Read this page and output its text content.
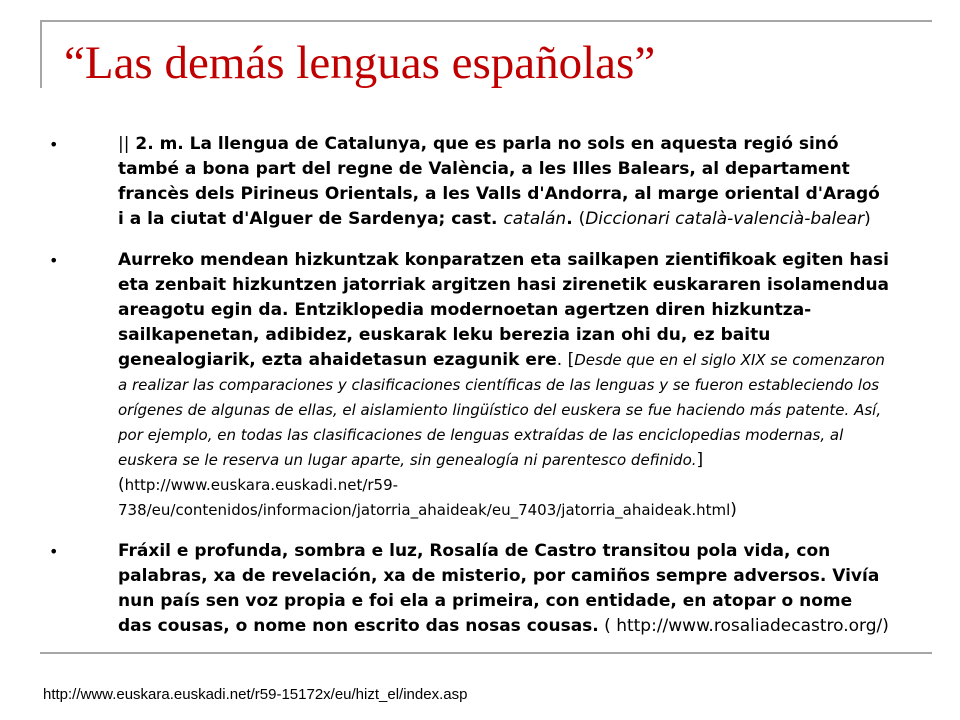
“Las demás lenguas españolas”
•	|| 2. m. La llengua de Catalunya, que es parla no sols en aquesta regió sinó també a bona part del regne de València, a les Illes Balears, al departament francès dels Pirineus Orientals, a les Valls d'Andorra, al marge oriental d'Aragó i a la ciutat d'Alguer de Sardenya; cast. catalán. (Diccionari català-valencià-balear)
•	Aurreko mendean hizkuntzak konparatzen eta sailkapen zientifikoak egiten hasi eta zenbait hizkuntzen jatorriak argitzen hasi zirenetik euskararen isolamendua areagotu egin da. Entziklopedia modernoetan agertzen diren hizkuntza-sailkapenetan, adibidez, euskarak leku berezia izan ohi du, ez baitu genealogiarik, ezta ahaidetasun ezagunik ere. [Desde que en el siglo XIX se comenzaron a realizar las comparaciones y clasificaciones científicas de las lenguas y se fueron estableciendo los orígenes de algunas de ellas, el aislamiento lingüístico del euskera se fue haciendo más patente. Así, por ejemplo, en todas las clasificaciones de lenguas extraídas de las enciclopedias modernas, al euskera se le reserva un lugar aparte, sin genealogía ni parentesco definido.] (http://www.euskara.euskadi.net/r59-738/eu/contenidos/informacion/jatorria_ahaideak/eu_7403/jatorria_ahaideak.html)
•	Fráxil e profunda, sombra e luz, Rosalía de Castro transitou pola vida, con palabras, xa de revelación, xa de misterio, por camiños sempre adversos. Vivía nun país sen voz propia e foi ela a primeira, con entidade, en atopar o nome das cousas, o nome non escrito das nosas cousas. ( http://www.rosaliadecastro.org/)
http://www.euskara.euskadi.net/r59-15172x/eu/hizt_el/index.asp
